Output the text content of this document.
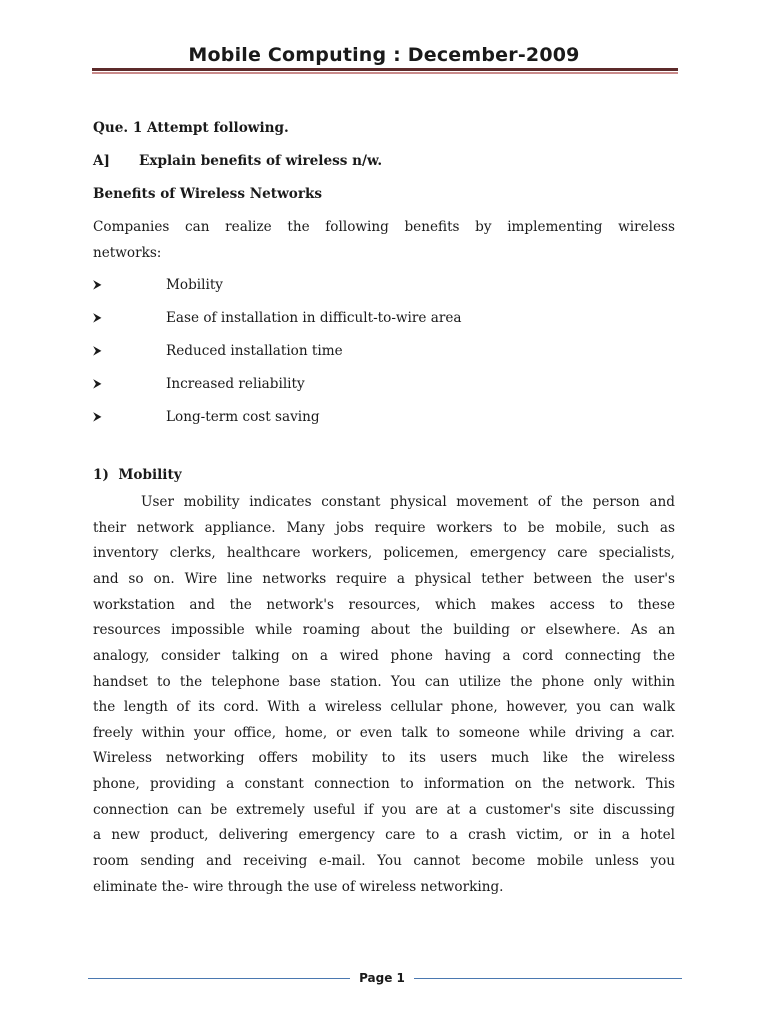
Mobile Computing : December-2009
Que. 1 Attempt following.
A] Explain benefits of wireless n/w.
Benefits of Wireless Networks
Companies can realize the following benefits by implementing wireless
networks:
⮞	Mobility
⮞	Ease of installation in difficult-to-wire area
⮞	Reduced installation time
⮞	Increased reliability
⮞	Long-term cost saving
1)  Mobility
User mobility indicates constant physical movement of the person and
their network appliance. Many jobs require workers to be mobile, such as
inventory clerks, healthcare workers, policemen, emergency care specialists,
and so on. Wire line networks require a physical tether between the user's
workstation and the network's resources, which makes access to these
resources impossible while roaming about the building or elsewhere. As an
analogy, consider talking on a wired phone having a cord connecting the
handset to the telephone base station. You can utilize the phone only within
the length of its cord. With a wireless cellular phone, however, you can walk
freely within your office, home, or even talk to someone while driving a car.
Wireless networking offers mobility to its users much like the wireless
phone, providing a constant connection to information on the network. This
connection can be extremely useful if you are at a customer's site discussing
a new product, delivering emergency care to a crash victim, or in a hotel
room sending and receiving e-mail. You cannot become mobile unless you
eliminate the- wire through the use of wireless networking.
Page 1
